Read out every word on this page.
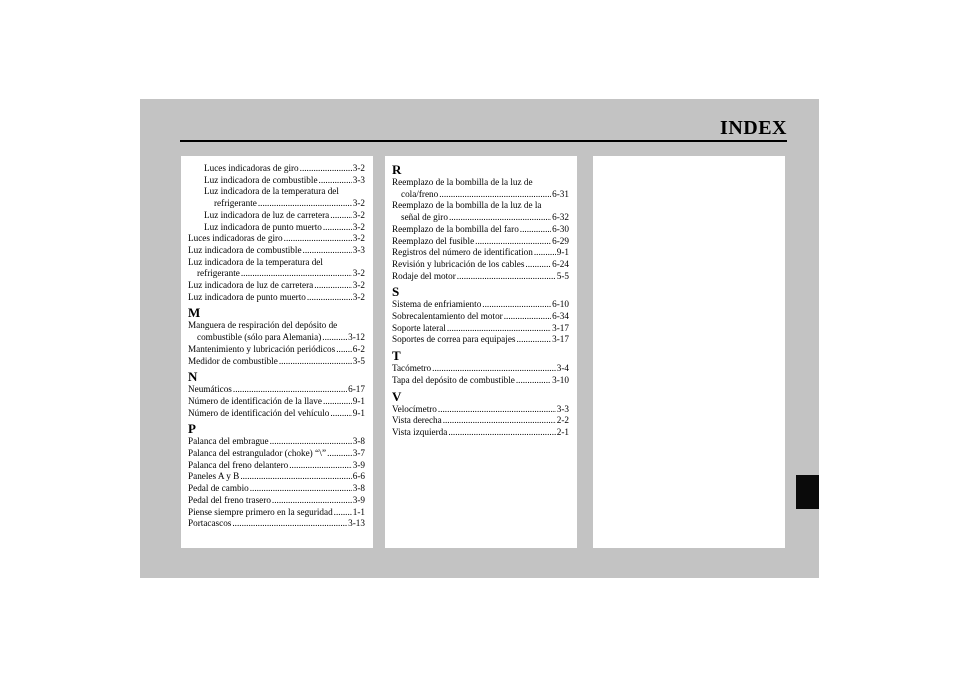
INDEX
Luces indicadoras de giro .....	3-2
Luz indicadora de combustible .....	3-3
Luz indicadora de la temperatura del
refrigerante .....	3-2
Luz indicadora de luz de carretera .....	3-2
Luz indicadora de punto muerto .....	3-2
Luces indicadoras de giro .....	3-2
Luz indicadora de combustible .....	3-3
Luz indicadora de la temperatura del
refrigerante .....	3-2
Luz indicadora de luz de carretera .....	3-2
Luz indicadora de punto muerto .....	3-2
M
Manguera de respiración del depósito de
combustible (sólo para Alemania) .....	3-12
Mantenimiento y lubricación periódicos ..... 6-2
Medidor de combustible .....	3-5
N
Neumáticos .....	6-17
Número de identificación de la llave .....	9-1
Número de identificación del vehículo .....	9-1
P
Palanca del embrague .....	3-8
Palanca del estrangulador (choke) “⧵” .....	3-7
Palanca del freno delantero .....	3-9
Paneles A y B .....	6-6
Pedal de cambio .....	3-8
Pedal del freno trasero .....	3-9
Piense siempre primero en la seguridad ..... 1-1
Portacascos .....	3-13
R
Reemplazo de la bombilla de la luz de
cola/freno .....	6-31
Reemplazo de la bombilla de la luz de la
señal de giro .....	6-32
Reemplazo de la bombilla del faro .....	6-30
Reemplazo del fusible .....	6-29
Registros del número de identification .....	9-1
Revisión y lubricación de los cables .....	6-24
Rodaje del motor .....	5-5
S
Sistema de enfriamiento .....	6-10
Sobrecalentamiento del motor .....	6-34
Soporte lateral .....	3-17
Soportes de correa para equipajes .....	3-17
T
Tacómetro .....	3-4
Tapa del depósito de combustible .....	3-10
V
Velocímetro .....	3-3
Vista derecha .....	2-2
Vista izquierda .....	2-1
